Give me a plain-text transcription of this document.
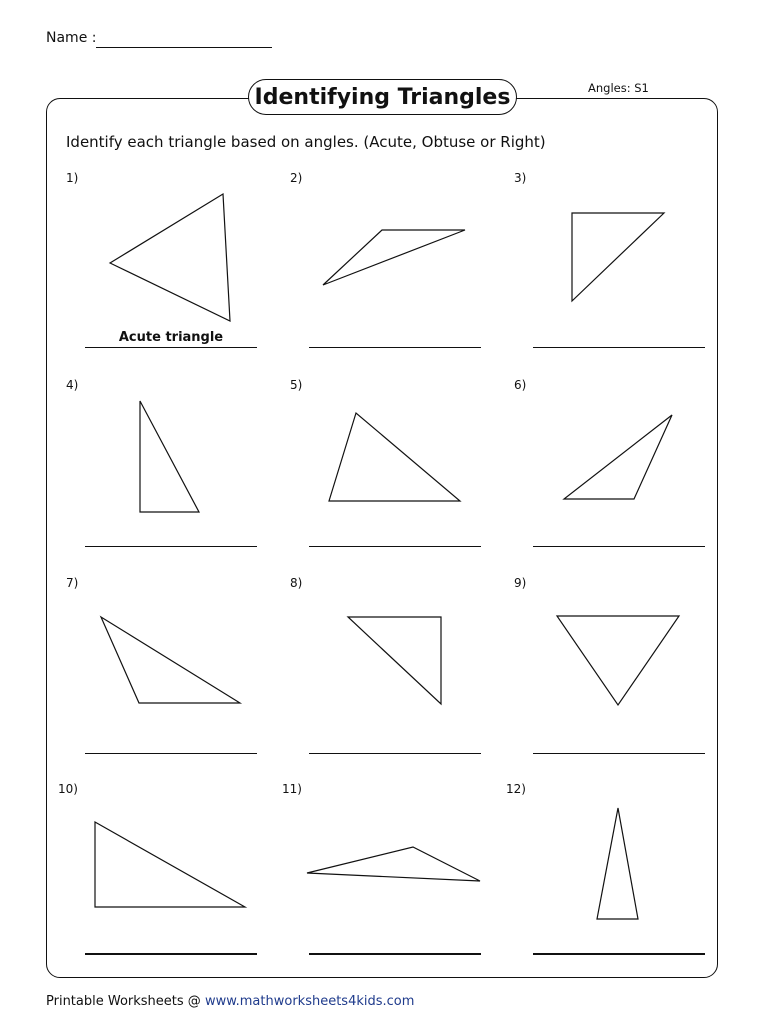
Name :
Identifying Triangles	Angles: S1
Identify each triangle based on angles. (Acute, Obtuse or Right)
1)	2)	3)
4)	5)	6)
7)	8)	9)
10)	11)	12)
Acute triangle
Printable Worksheets @ www.mathworksheets4kids.com
